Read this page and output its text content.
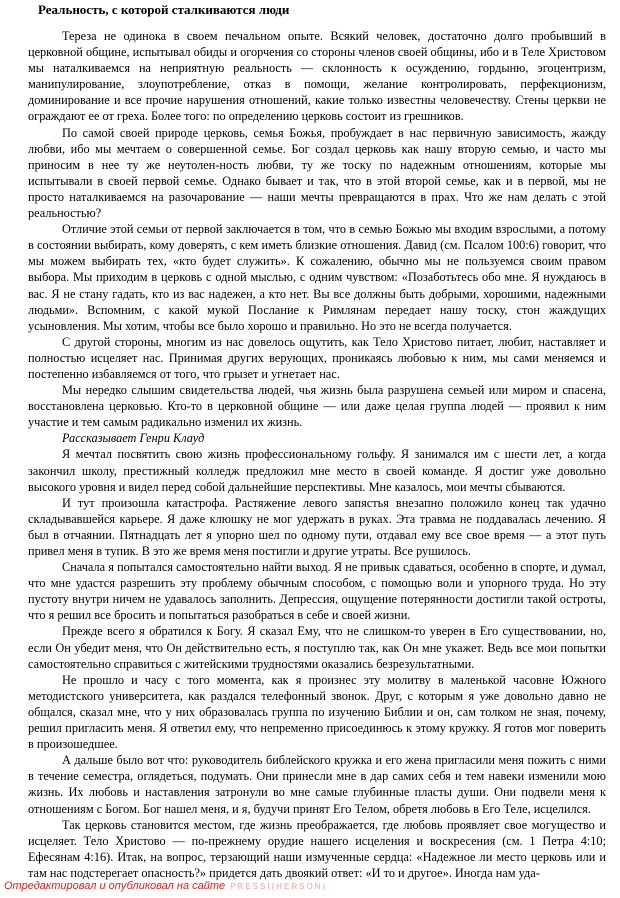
Реальность, с которой сталкиваются люди

Тереза не одинока в своем печальном опыте. Всякий человек, достаточно долго пробывший в церковной общине, испытывал обиды и огорчения со стороны членов своей общины, ибо и в Теле Христовом мы наталкиваемся на неприятную реальность — склонность к осуждению, гордыню, эгоцентризм, манипулирование, злоупотребление, отказ в помощи, желание контролировать, перфекционизм, доминирование и все прочие нарушения отношений, какие только известны человечеству. Стены церкви не ограждают ее от греха. Более того: по определению церковь состоит из грешников.

По самой своей природе церковь, семья Божья, пробуждает в нас первичную зависимость, жажду любви, ибо мы мечтаем о совершенной семье. Бог создал церковь как нашу вторую семью, и часто мы приносим в нее ту же неутолен-ность любви, ту же тоску по надежным отношениям, которые мы испытывали в своей первой семье. Однако бывает и так, что в этой второй семье, как и в первой, мы не просто наталкиваемся на разочарование — наши мечты превращаются в прах. Что же нам делать с этой реальностью?

Отличие этой семьи от первой заключается в том, что в семью Божью мы входим взрослыми, а потому в состоянии выбирать, кому доверять, с кем иметь близкие отношения. Давид (см. Псалом 100:6) говорит, что мы можем выбирать тех, «кто будет служить». К сожалению, обычно мы не пользуемся своим правом выбора. Мы приходим в церковь с одной мыслью, с одним чувством: «Позаботьтесь обо мне. Я нуждаюсь в вас. Я не стану гадать, кто из вас надежен, а кто нет. Вы все должны быть добрыми, хорошими, надежными людьми». Вспомним, с какой мукой Послание к Римлянам передает нашу тоску, стон жаждущих усыновления. Мы хотим, чтобы все было хорошо и правильно. Но это не всегда получается.

С другой стороны, многим из нас довелось ощутить, как Тело Христово питает, любит, наставляет и полностью исцеляет нас. Принимая других верующих, проникаясь любовью к ним, мы сами меняемся и постепенно избавляемся от того, что грызет и угнетает нас.

Мы нередко слышим свидетельства людей, чья жизнь была разрушена семьей или миром и спасена, восстановлена церковью. Кто-то в церковной общине — или даже целая группа людей — проявил к ним участие и тем самым радикально изменил их жизнь.

Рассказывает Генри Клауд

Я мечтал посвятить свою жизнь профессиональному гольфу. Я занимался им с шести лет, а когда закончил школу, престижный колледж предложил мне место в своей команде. Я достиг уже довольно высокого уровня и видел перед собой дальнейшие перспективы. Мне казалось, мои мечты сбываются.

И тут произошла катастрофа. Растяжение левого запястья внезапно положило конец так удачно складывавшейся карьере. Я даже клюшку не мог удержать в руках. Эта травма не поддавалась лечению. Я был в отчаянии. Пятнадцать лет я упорно шел по одному пути, отдавал ему все свое время — а этот путь привел меня в тупик. В это же время меня постигли и другие утраты. Все рушилось.

Сначала я попытался самостоятельно найти выход. Я не привык сдаваться, особенно в спорте, и думал, что мне удастся разрешить эту проблему обычным способом, с помощью воли и упорного труда. Но эту пустоту внутри ничем не удавалось заполнить. Депрессия, ощущение потерянности достигли такой остроты, что я решил все бросить и попытаться разобраться в себе и своей жизни.

Прежде всего я обратился к Богу. Я сказал Ему, что не слишком-то уверен в Его существовании, но, если Он убедит меня, что Он действительно есть, я поступлю так, как Он мне укажет. Ведь все мои попытки самостоятельно справиться с житейскими трудностями оказались безрезультатными.

Не прошло и часу с того момента, как я произнес эту молитву в маленькой часовне Южного методистского университета, как раздался телефонный звонок. Друг, с которым я уже довольно давно не общался, сказал мне, что у них образовалась группа по изучению Библии и он, сам толком не зная, почему, решил пригласить меня. Я ответил ему, что непременно присоединюсь к этому кружку. Я готов мог поверить в произошедшее.

А дальше было вот что: руководитель библейского кружка и его жена пригласили меня пожить с ними в течение семестра, оглядеться, подумать. Они принесли мне в дар самих себя и тем навеки изменили мою жизнь. Их любовь и наставления затронули во мне самые глубинные пласты души. Они подвели меня к отношениям с Богом. Бог нашел меня, и я, будучи принят Его Телом, обретя любовь в Его Теле, исцелился.

Так церковь становится местом, где жизнь преображается, где любовь проявляет свое могущество и исцеляет. Тело Христово — по-прежнему орудие нашего исцеления и воскресения (см. 1 Петра 4:10; Ефесянам 4:16). Итак, на вопрос, терзающий наши измученные сердца: «Надежное ли место церковь или и там нас подстерегает опасность?» придется дать двоякий ответ: «И то и другое». Иногда нам уда-

Отредактировал и опубликовал на сайте PRESSI(HERSON)
